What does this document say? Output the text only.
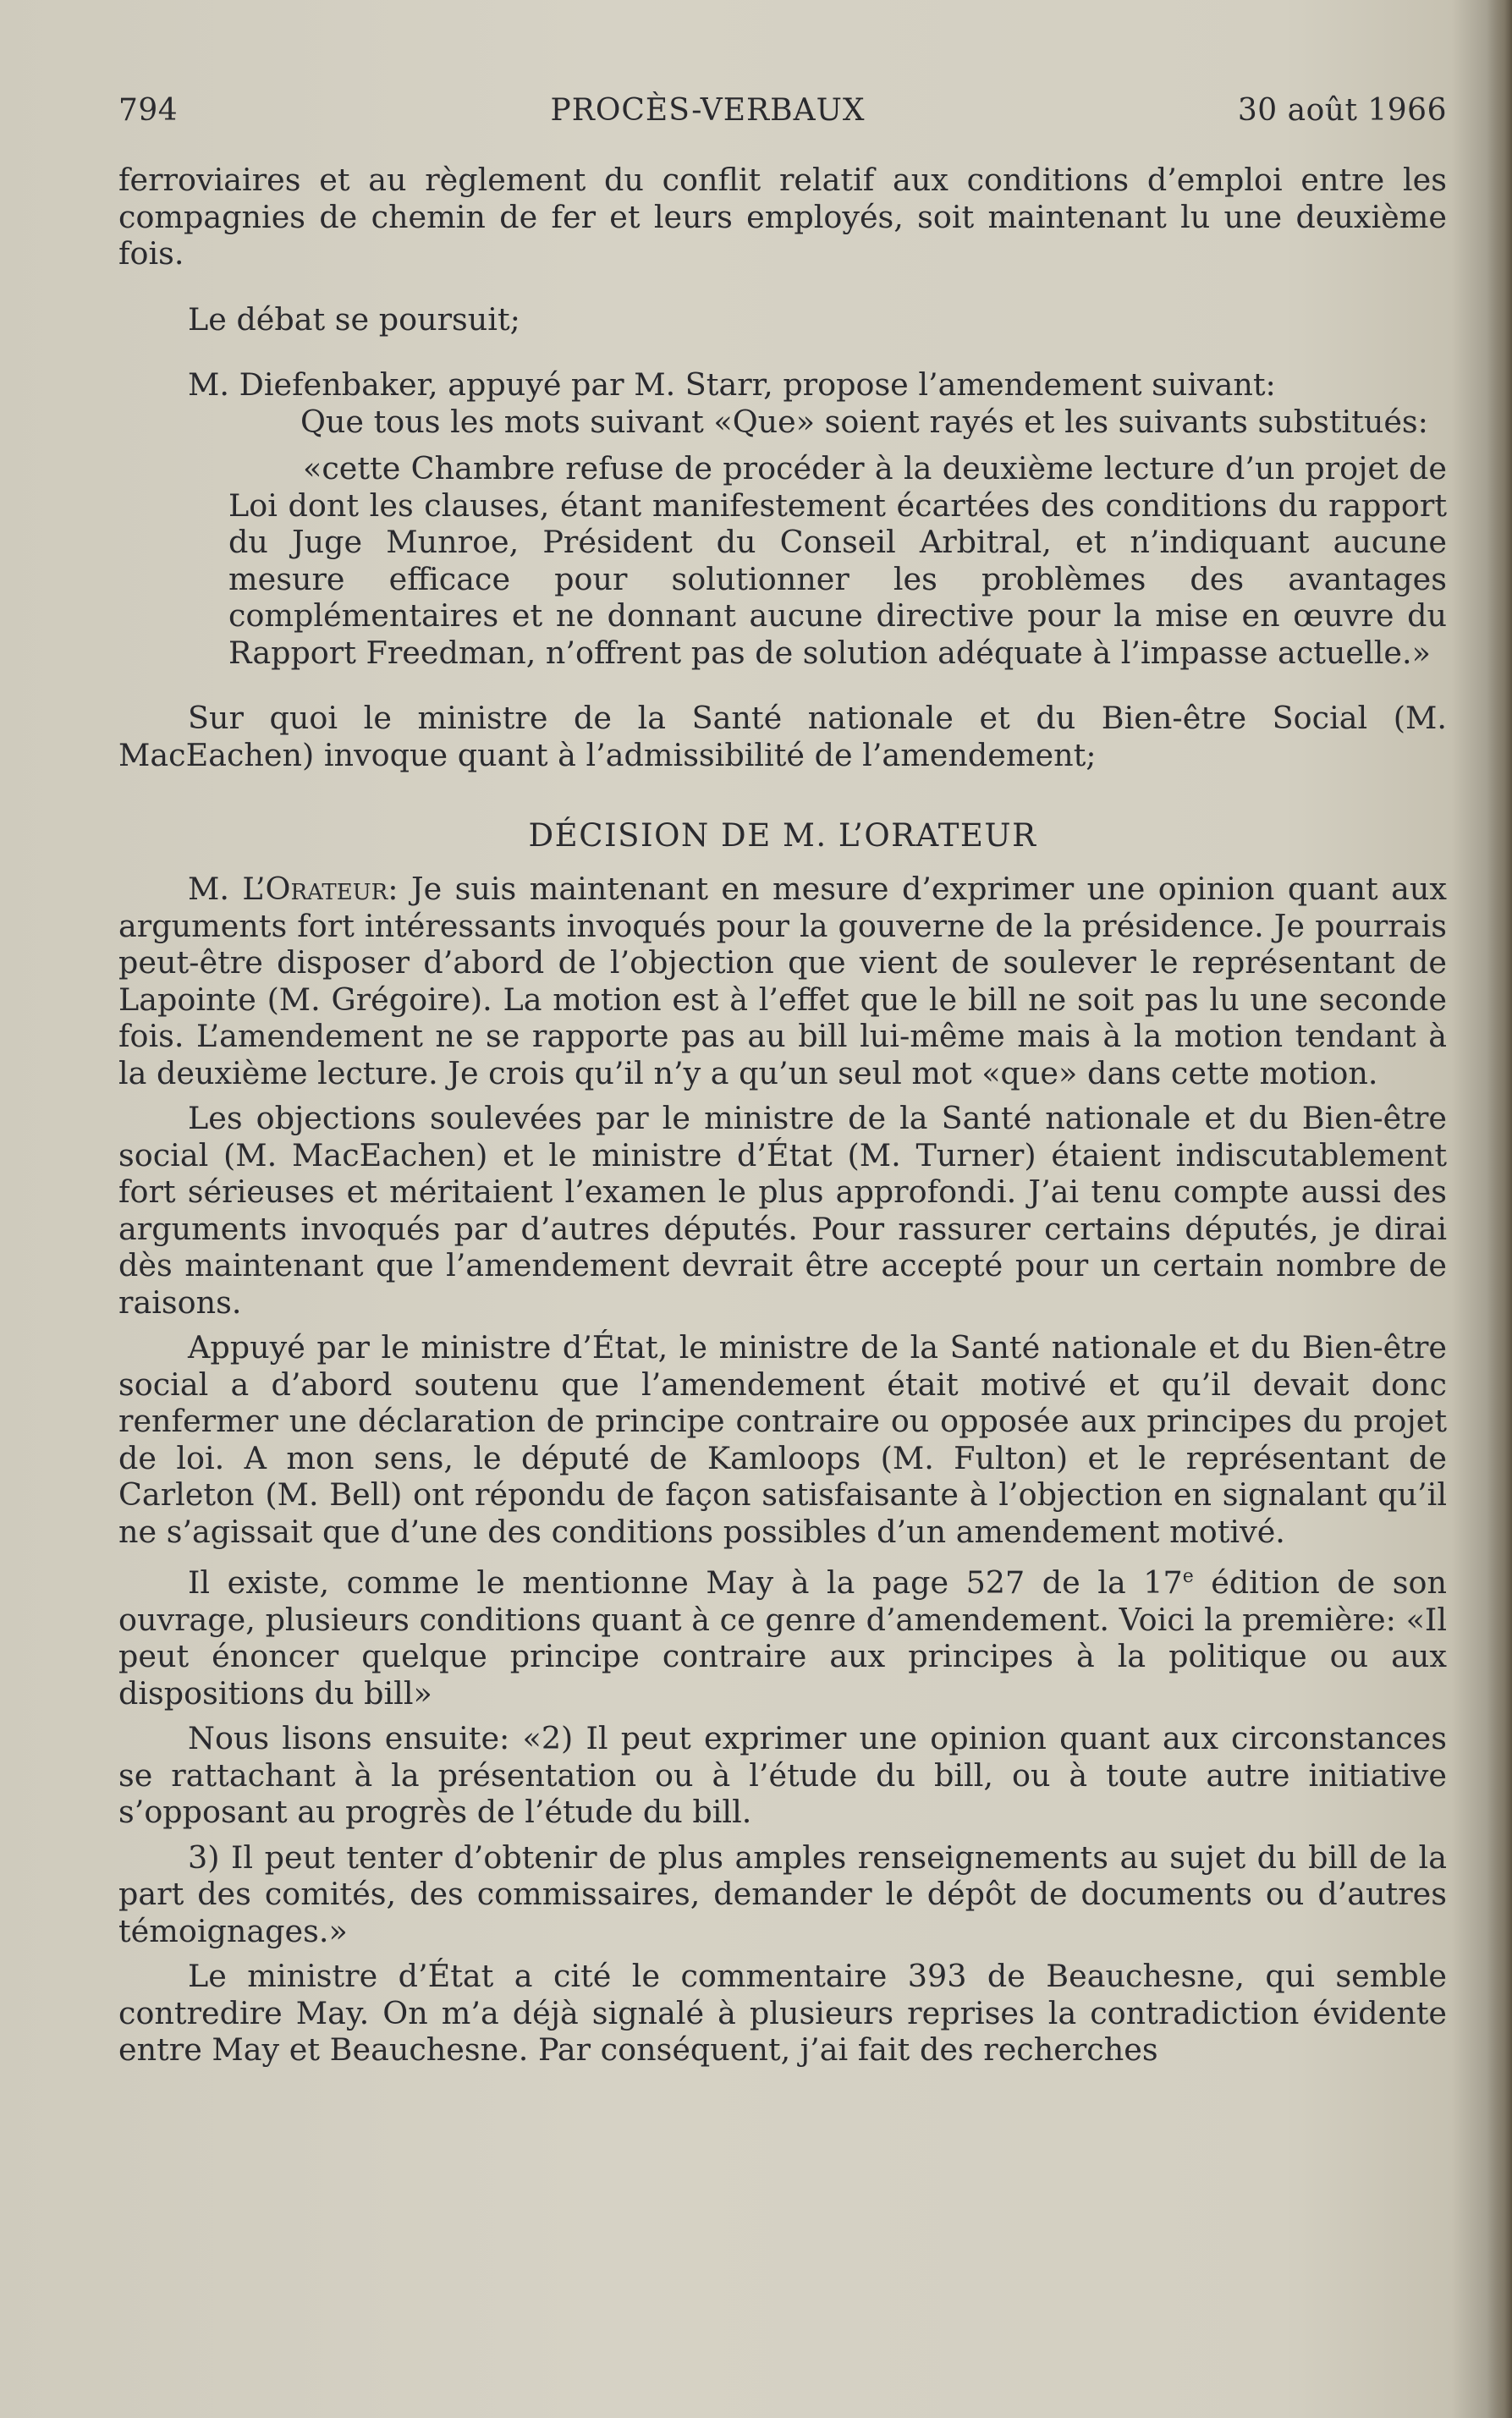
794	PROCÈS-VERBAUX	30 août 1966

ferroviaires et au règlement du conflit relatif aux conditions d’emploi entre les compagnies de chemin de fer et leurs employés, soit maintenant lu une deuxième fois.

Le débat se poursuit;

M. Diefenbaker, appuyé par M. Starr, propose l’amendement suivant:

Que tous les mots suivant «Que» soient rayés et les suivants substitués:

«cette Chambre refuse de procéder à la deuxième lecture d’un projet de Loi dont les clauses, étant manifestement écartées des conditions du rapport du Juge Munroe, Président du Conseil Arbitral, et n’indiquant aucune mesure efficace pour solutionner les problèmes des avantages complémentaires et ne donnant aucune directive pour la mise en œuvre du Rapport Freedman, n’offrent pas de solution adéquate à l’impasse actuelle.»

Sur quoi le ministre de la Santé nationale et du Bien-être Social (M. MacEachen) invoque quant à l’admissibilité de l’amendement;

DÉCISION DE M. L’ORATEUR

M. L’Orateur: Je suis maintenant en mesure d’exprimer une opinion quant aux arguments fort intéressants invoqués pour la gouverne de la présidence. Je pourrais peut-être disposer d’abord de l’objection que vient de soulever le représentant de Lapointe (M. Grégoire). La motion est à l’effet que le bill ne soit pas lu une seconde fois. L’amendement ne se rapporte pas au bill lui-même mais à la motion tendant à la deuxième lecture. Je crois qu’il n’y a qu’un seul mot «que» dans cette motion.

Les objections soulevées par le ministre de la Santé nationale et du Bien-être social (M. MacEachen) et le ministre d’État (M. Turner) étaient indiscutablement fort sérieuses et méritaient l’examen le plus approfondi. J’ai tenu compte aussi des arguments invoqués par d’autres députés. Pour rassurer certains députés, je dirai dès maintenant que l’amendement devrait être accepté pour un certain nombre de raisons.

Appuyé par le ministre d’État, le ministre de la Santé nationale et du Bien-être social a d’abord soutenu que l’amendement était motivé et qu’il devait donc renfermer une déclaration de principe contraire ou opposée aux principes du projet de loi. A mon sens, le député de Kamloops (M. Fulton) et le représentant de Carleton (M. Bell) ont répondu de façon satisfaisante à l’objection en signalant qu’il ne s’agissait que d’une des conditions possibles d’un amendement motivé.

Il existe, comme le mentionne May à la page 527 de la 17e édition de son ouvrage, plusieurs conditions quant à ce genre d’amendement. Voici la première: «Il peut énoncer quelque principe contraire aux principes à la politique ou aux dispositions du bill»

Nous lisons ensuite: «2) Il peut exprimer une opinion quant aux circonstances se rattachant à la présentation ou à l’étude du bill, ou à toute autre initiative s’opposant au progrès de l’étude du bill.

3) Il peut tenter d’obtenir de plus amples renseignements au sujet du bill de la part des comités, des commissaires, demander le dépôt de documents ou d’autres témoignages.»

Le ministre d’État a cité le commentaire 393 de Beauchesne, qui semble contredire May. On m’a déjà signalé à plusieurs reprises la contradiction évidente entre May et Beauchesne. Par conséquent, j’ai fait des recherches
